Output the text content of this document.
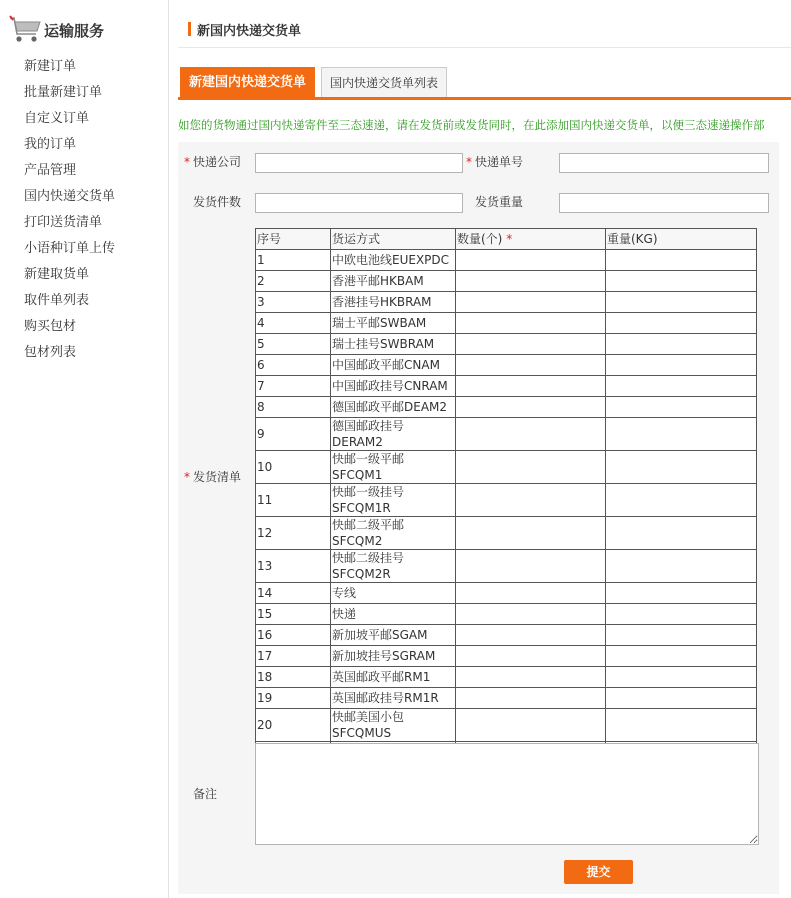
运输服务
新建订单
批量新建订单
自定义订单
我的订单
产品管理
国内快递交货单
打印送货清单
小语种订单上传
新建取货单
取件单列表
购买包材
包材列表
新国内快递交货单
新建国内快递交货单	国内快递交货单列表
如您的货物通过国内快递寄件至三态速递，请在发货前或发货同时，在此添加国内快递交货单，以便三态速递操作部
* 快递公司	* 快递单号
发货件数	发货重量
* 发货清单
序号	货运方式	数量(个) *	重量(KG)
1	中欧电池线EUEXPDC		
2	香港平邮HKBAM		
3	香港挂号HKBRAM		
4	瑞士平邮SWBAM		
5	瑞士挂号SWBRAM		
6	中国邮政平邮CNAM		
7	中国邮政挂号CNRAM		
8	德国邮政平邮DEAM2		
9	德国邮政挂号DERAM2		
10	快邮一级平邮SFCQM1		
11	快邮一级挂号SFCQM1R		
12	快邮二级平邮SFCQM2		
13	快邮二级挂号SFCQM2R		
14	专线		
15	快递		
16	新加坡平邮SGAM		
17	新加坡挂号SGRAM		
18	英国邮政平邮RM1		
19	英国邮政挂号RM1R		
20	快邮美国小包SFCQMUS		

备注
提交
